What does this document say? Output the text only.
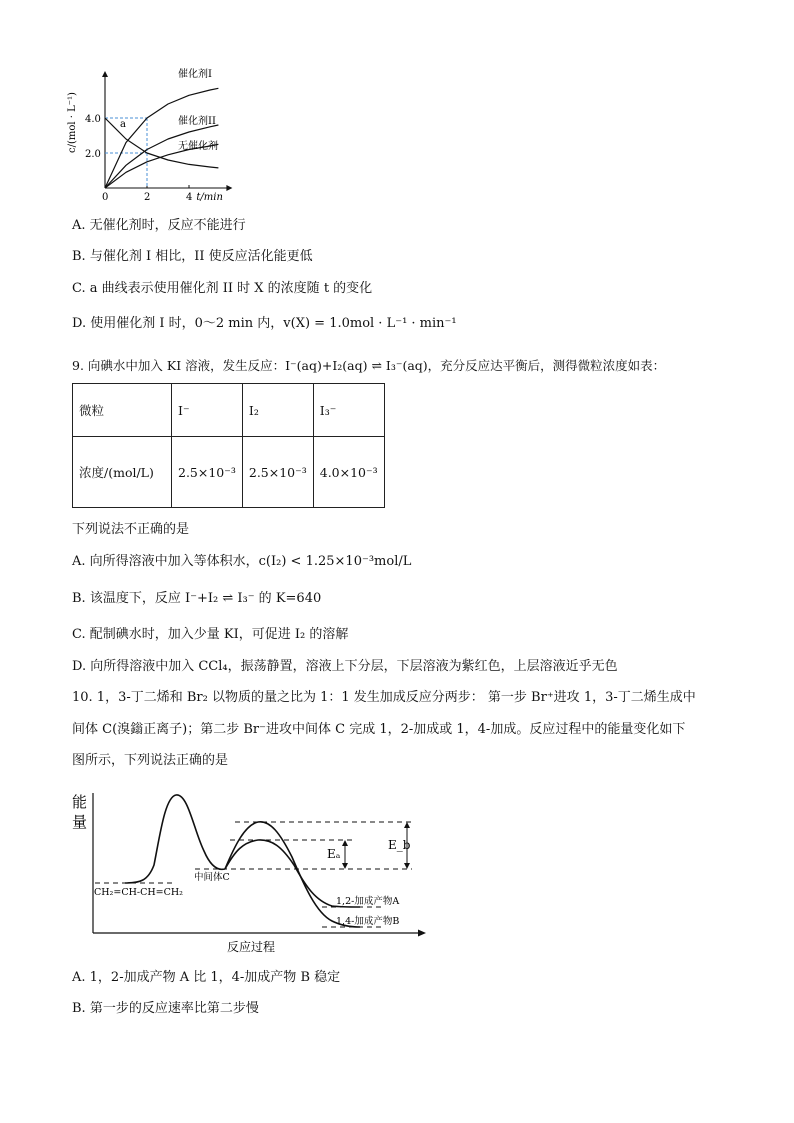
0	2	4
2.0
4.0
催化剂I
催化剂II
无催化剂
a
t/min
c/(mol · L⁻¹)
A. 无催化剂时，反应不能进行
B. 与催化剂 I 相比，II 使反应活化能更低
C. a 曲线表示使用催化剂 II 时 X 的浓度随 t 的变化
D. 使用催化剂 I 时，0～2 min 内，v(X) = 1.0mol · L⁻¹ · min⁻¹
9. 向碘水中加入 KI 溶液，发生反应：I⁻(aq)+I₂(aq) ⇌ I₃⁻(aq)，充分反应达平衡后，测得微粒浓度如表：
微粒	I⁻	I₂	I₃⁻
浓度/(mol/L)	2.5×10⁻³	2.5×10⁻³	4.0×10⁻³
下列说法不正确的是
A. 向所得溶液中加入等体积水，c(I₂) < 1.25×10⁻³mol/L
B. 该温度下，反应 I⁻+I₂ ⇌ I₃⁻ 的 K=640
C. 配制碘水时，加入少量 KI，可促进 I₂ 的溶解
D. 向所得溶液中加入 CCl₄，振荡静置，溶液上下分层，下层溶液为紫红色，上层溶液近乎无色
10. 1，3-丁二烯和 Br₂ 以物质的量之比为 1：1 发生加成反应分两步： 第一步 Br⁺进攻 1，3-丁二烯生成中
间体 C(溴鎓正离子)；第二步 Br⁻进攻中间体 C 完成 1，2-加成或 1，4-加成。反应过程中的能量变化如下
图所示，下列说法正确的是
能
量
反应过程
Eₐ
E_b
CH₂=CH-CH=CH₂
中间体C
1,2-加成产物A
1,4-加成产物B
A. 1，2-加成产物 A 比 1，4-加成产物 B 稳定
B. 第一步的反应速率比第二步慢
